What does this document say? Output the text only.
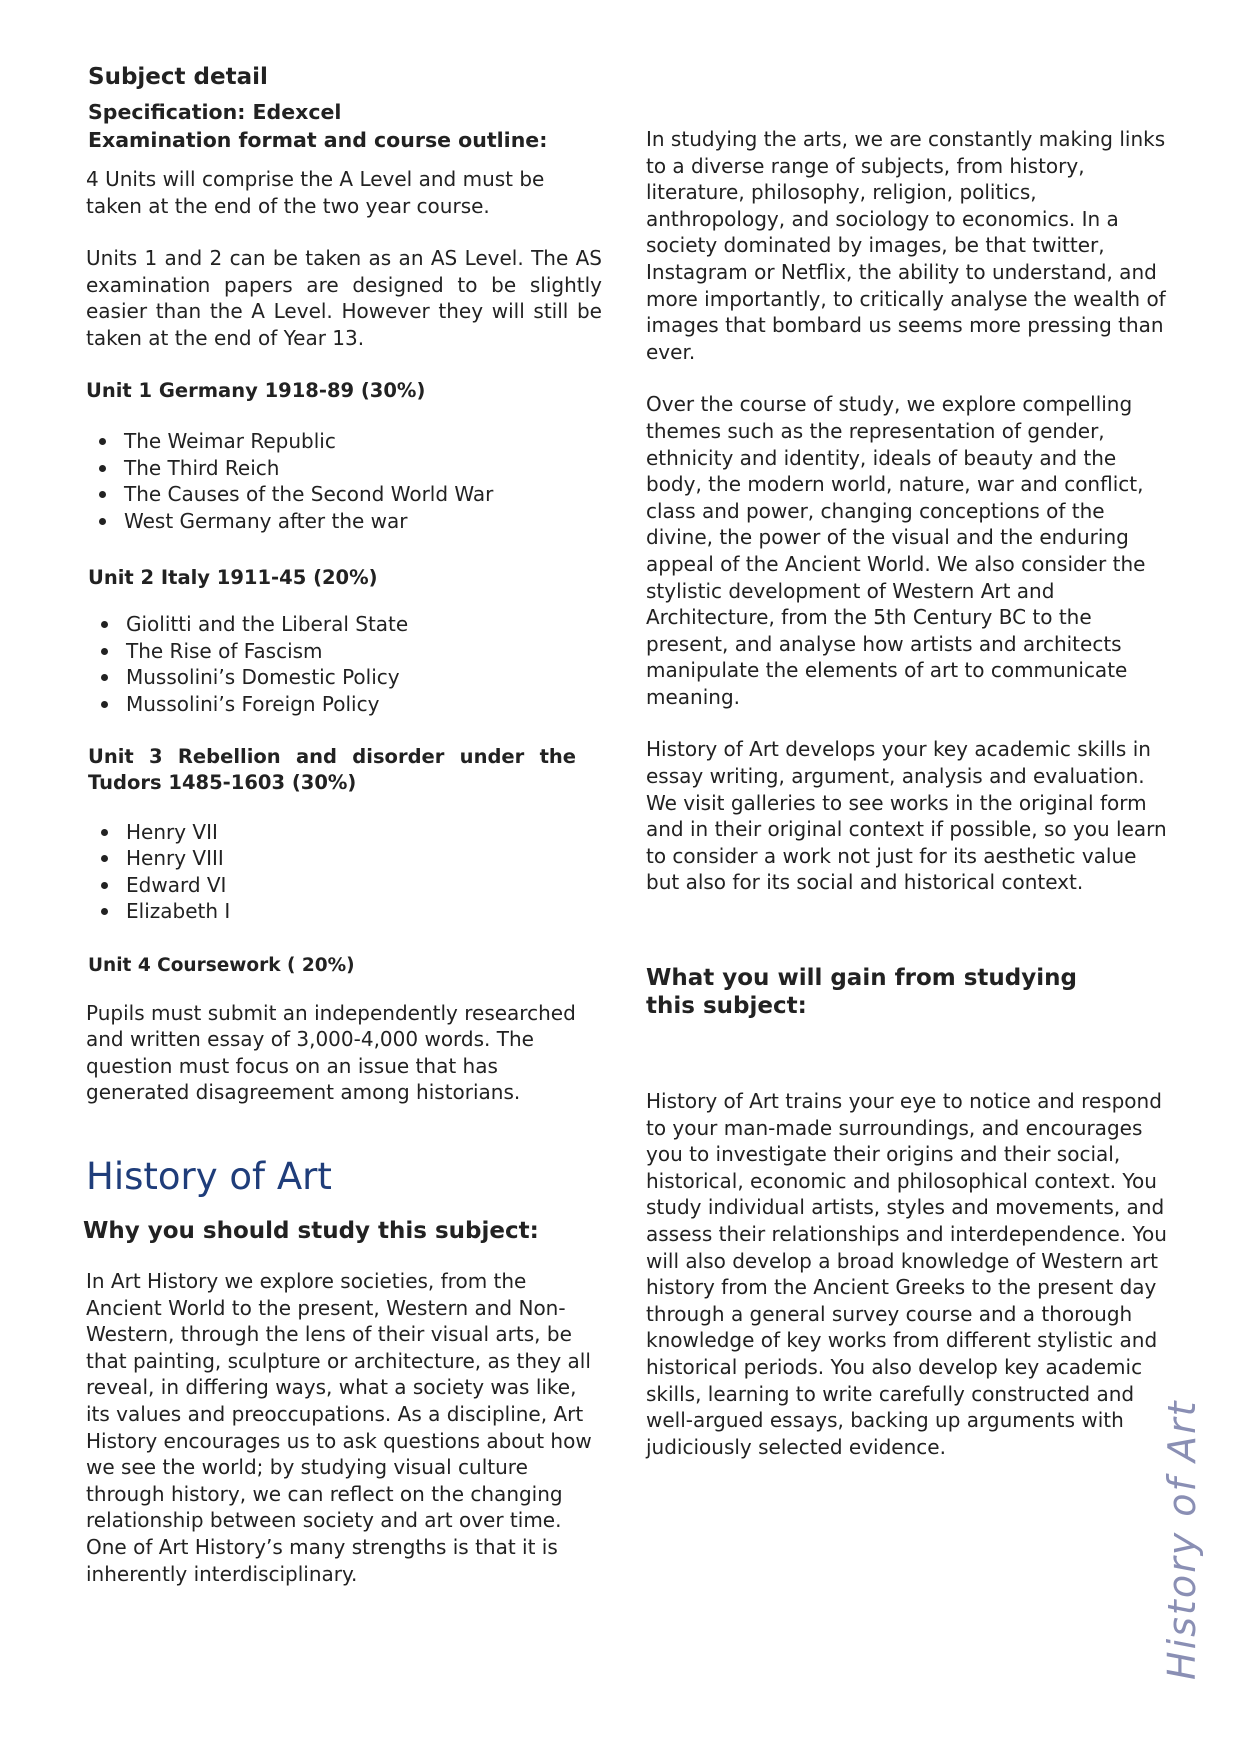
Subject detail
Specification: Edexcel
Examination format and course outline:

4 Units will comprise the A Level and must be taken at the end of the two year course.

Units 1 and 2 can be taken as an AS Level. The AS examination papers are designed to be slightly easier than the A Level. However they will still be taken at the end of Year 13.

Unit 1 Germany 1918-89 (30%)
The Weimar Republic
The Third Reich
The Causes of the Second World War
West Germany after the war
Unit 2 Italy 1911-45 (20%)
Giolitti and the Liberal State
The Rise of Fascism
Mussolini’s Domestic Policy
Mussolini’s Foreign Policy
Unit 3 Rebellion and disorder under the Tudors 1485-1603 (30%)
Henry VII
Henry VIII
Edward VI
Elizabeth I
Unit 4 Coursework ( 20%)

Pupils must submit an independently researched and written essay of 3,000-4,000 words. The question must focus on an issue that has generated disagreement among historians.

History of Art
Why you should study this subject:

In Art History we explore societies, from the Ancient World to the present, Western and Non-Western, through the lens of their visual arts, be that painting, sculpture or architecture, as they all reveal, in differing ways, what a society was like, its values and preoccupations. As a discipline, Art History encourages us to ask questions about how we see the world; by studying visual culture through history, we can reflect on the changing relationship between society and art over time. One of Art History’s many strengths is that it is inherently interdisciplinary.

In studying the arts, we are constantly making links to a diverse range of subjects, from history, literature, philosophy, religion, politics, anthropology, and sociology to economics. In a society dominated by images, be that twitter, Instagram or Netflix, the ability to understand, and more importantly, to critically analyse the wealth of images that bombard us seems more pressing than ever.

Over the course of study, we explore compelling themes such as the representation of gender, ethnicity and identity, ideals of beauty and the body, the modern world, nature, war and conflict, class and power, changing conceptions of the divine, the power of the visual and the enduring appeal of the Ancient World. We also consider the stylistic development of Western Art and Architecture, from the 5th Century BC to the present, and analyse how artists and architects manipulate the elements of art to communicate meaning.

History of Art develops your key academic skills in essay writing, argument, analysis and evaluation. We visit galleries to see works in the original form and in their original context if possible, so you learn to consider a work not just for its aesthetic value but also for its social and historical context.

What you will gain from studying this subject:

History of Art trains your eye to notice and respond to your man-made surroundings, and encourages you to investigate their origins and their social, historical, economic and philosophical context. You study individual artists, styles and movements, and assess their relationships and interdependence. You will also develop a broad knowledge of Western art history from the Ancient Greeks to the present day through a general survey course and a thorough knowledge of key works from different stylistic and historical periods. You also develop key academic skills, learning to write carefully constructed and well-argued essays, backing up arguments with judiciously selected evidence.	History of Art
